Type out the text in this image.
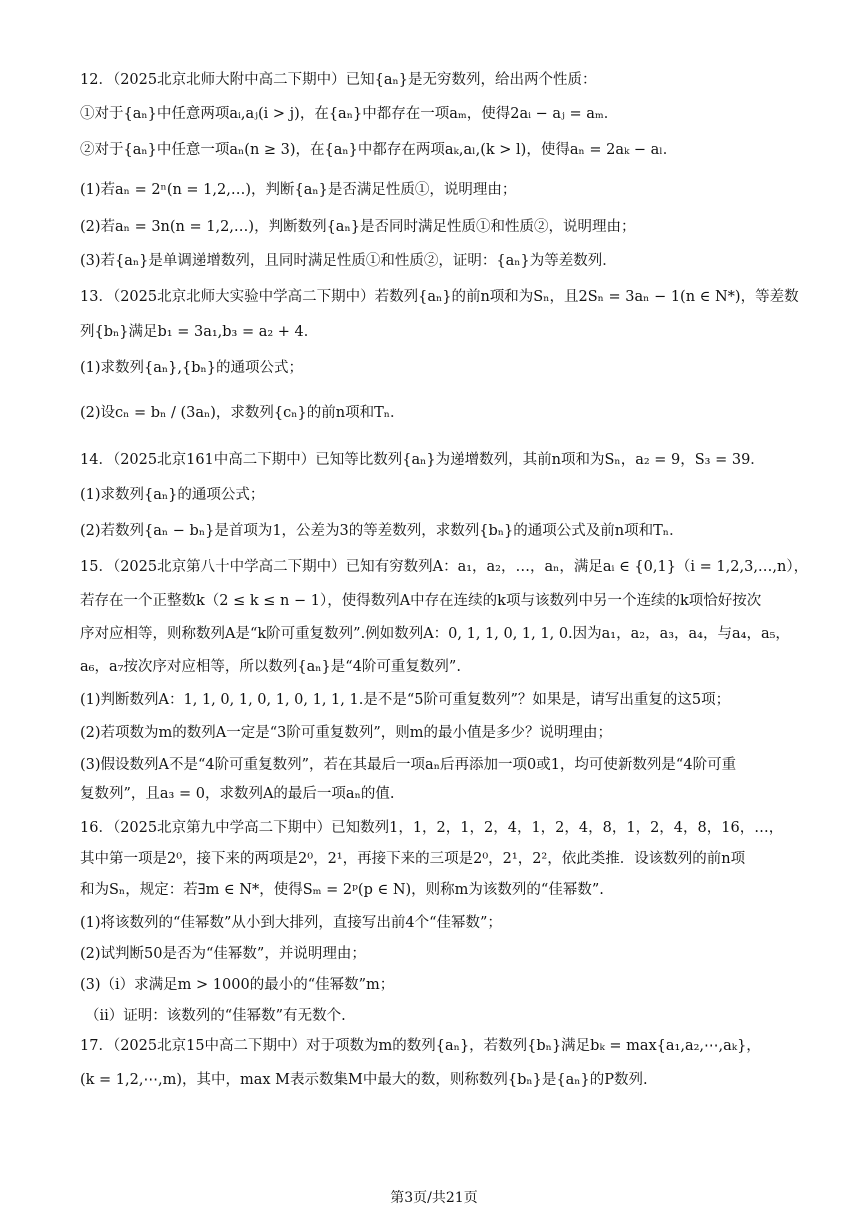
12．（2025北京北师大附中高二下期中）已知{aₙ}是无穷数列，给出两个性质：
①对于{aₙ}中任意两项aᵢ,aⱼ(i > j)，在{aₙ}中都存在一项aₘ，使得2aᵢ − aⱼ = aₘ．
②对于{aₙ}中任意一项aₙ(n ≥ 3)，在{aₙ}中都存在两项aₖ,aₗ,(k > l)，使得aₙ = 2aₖ − aₗ．
(1)若aₙ = 2ⁿ(n = 1,2,…)，判断{aₙ}是否满足性质①，说明理由；
(2)若aₙ = 3n(n = 1,2,…)，判断数列{aₙ}是否同时满足性质①和性质②，说明理由；
(3)若{aₙ}是单调递增数列，且同时满足性质①和性质②，证明：{aₙ}为等差数列．
13．（2025北京北师大实验中学高二下期中）若数列{aₙ}的前n项和为Sₙ，且2Sₙ = 3aₙ − 1(n ∈ N*)，等差数
列{bₙ}满足b₁ = 3a₁,b₃ = a₂ + 4．
(1)求数列{aₙ},{bₙ}的通项公式；
(2)设cₙ = bₙ / (3aₙ)，求数列{cₙ}的前n项和Tₙ．
14．（2025北京161中高二下期中）已知等比数列{aₙ}为递增数列，其前n项和为Sₙ，a₂ = 9，S₃ = 39．
(1)求数列{aₙ}的通项公式；
(2)若数列{aₙ − bₙ}是首项为1，公差为3的等差数列，求数列{bₙ}的通项公式及前n项和Tₙ．
15．（2025北京第八十中学高二下期中）已知有穷数列A：a₁，a₂，…，aₙ，满足aᵢ ∈ {0,1}（i = 1,2,3,…,n），
若存在一个正整数k（2 ≤ k ≤ n − 1），使得数列A中存在连续的k项与该数列中另一个连续的k项恰好按次
序对应相等，则称数列A是“k阶可重复数列”.例如数列A：0, 1, 1, 0, 1, 1, 0.因为a₁，a₂，a₃，a₄，与a₄，a₅，
a₆，a₇按次序对应相等，所以数列{aₙ}是“4阶可重复数列”.
(1)判断数列A：1, 1, 0, 1, 0, 1, 0, 1, 1, 1.是不是“5阶可重复数列”？如果是，请写出重复的这5项；
(2)若项数为m的数列A一定是“3阶可重复数列”，则m的最小值是多少？说明理由；
(3)假设数列A不是“4阶可重复数列”，若在其最后一项aₙ后再添加一项0或1，均可使新数列是“4阶可重
复数列”，且a₃ = 0，求数列A的最后一项aₙ的值.
16．（2025北京第九中学高二下期中）已知数列1，1，2，1，2，4，1，2，4，8，1，2，4，8，16，…，
其中第一项是2⁰，接下来的两项是2⁰，2¹，再接下来的三项是2⁰，2¹，2²，依此类推．设该数列的前n项
和为Sₙ，规定：若∃m ∈ N*，使得Sₘ = 2ᵖ(p ∈ N)，则称m为该数列的“佳幂数”.
(1)将该数列的“佳幂数”从小到大排列，直接写出前4个“佳幂数”；
(2)试判断50是否为“佳幂数”，并说明理由；
(3)（ⅰ）求满足m > 1000的最小的“佳幂数”m；
（ⅱ）证明：该数列的“佳幂数”有无数个.
17．（2025北京15中高二下期中）对于项数为m的数列{aₙ}，若数列{bₙ}满足bₖ = max{a₁,a₂,⋯,aₖ}，
(k = 1,2,⋯,m)，其中，max M表示数集M中最大的数，则称数列{bₙ}是{aₙ}的P数列.
第3页/共21页
